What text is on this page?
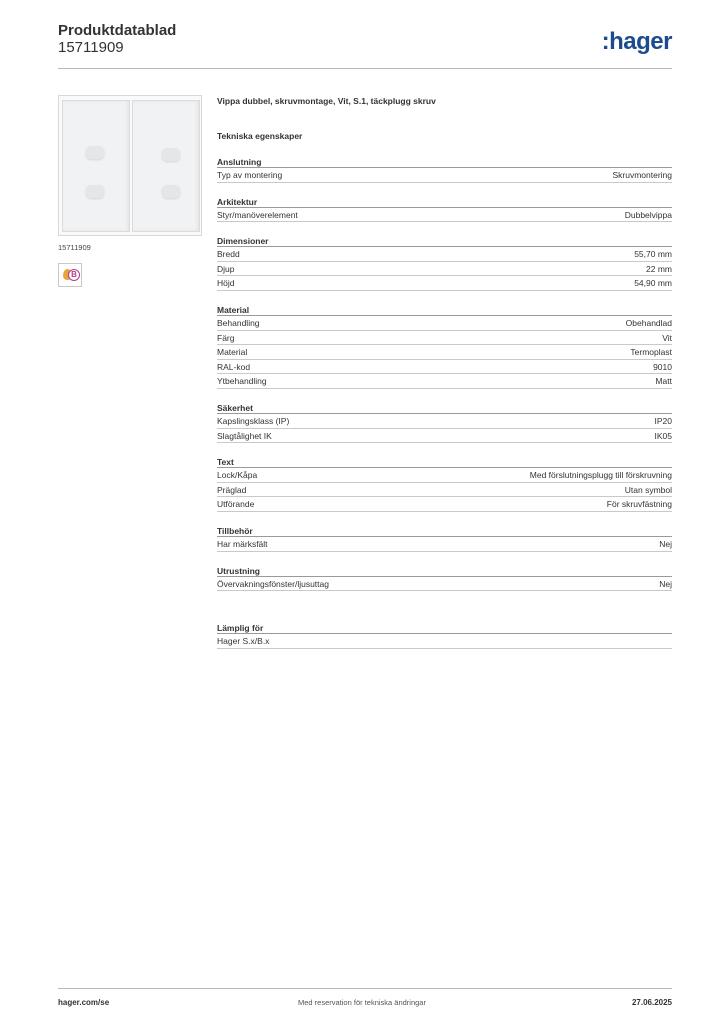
Produktdatablad
15711909	:hager
15711909
B
Vippa dubbel, skruvmontage, Vit, S.1, täckplugg skruv
Tekniska egenskaper
Anslutning
Typ av montering	Skruvmontering
Arkitektur
Styr/manöverelement	Dubbelvippa
Dimensioner
Bredd	55,70 mm
Djup	22 mm
Höjd	54,90 mm
Material
Behandling	Obehandlad
Färg	Vit
Material	Termoplast
RAL-kod	9010
Ytbehandling	Matt
Säkerhet
Kapslingsklass (IP)	IP20
Slagtålighet IK	IK05
Text
Lock/Kåpa	Med förslutningsplugg till förskruvning
Präglad	Utan symbol
Utförande	För skruvfästning
Tillbehör
Har märksfält	Nej
Utrustning
Övervakningsfönster/ljusuttag	Nej
Lämplig för
Hager S.x/B.x
hager.com/se	Med reservation för tekniska ändringar	27.06.2025
